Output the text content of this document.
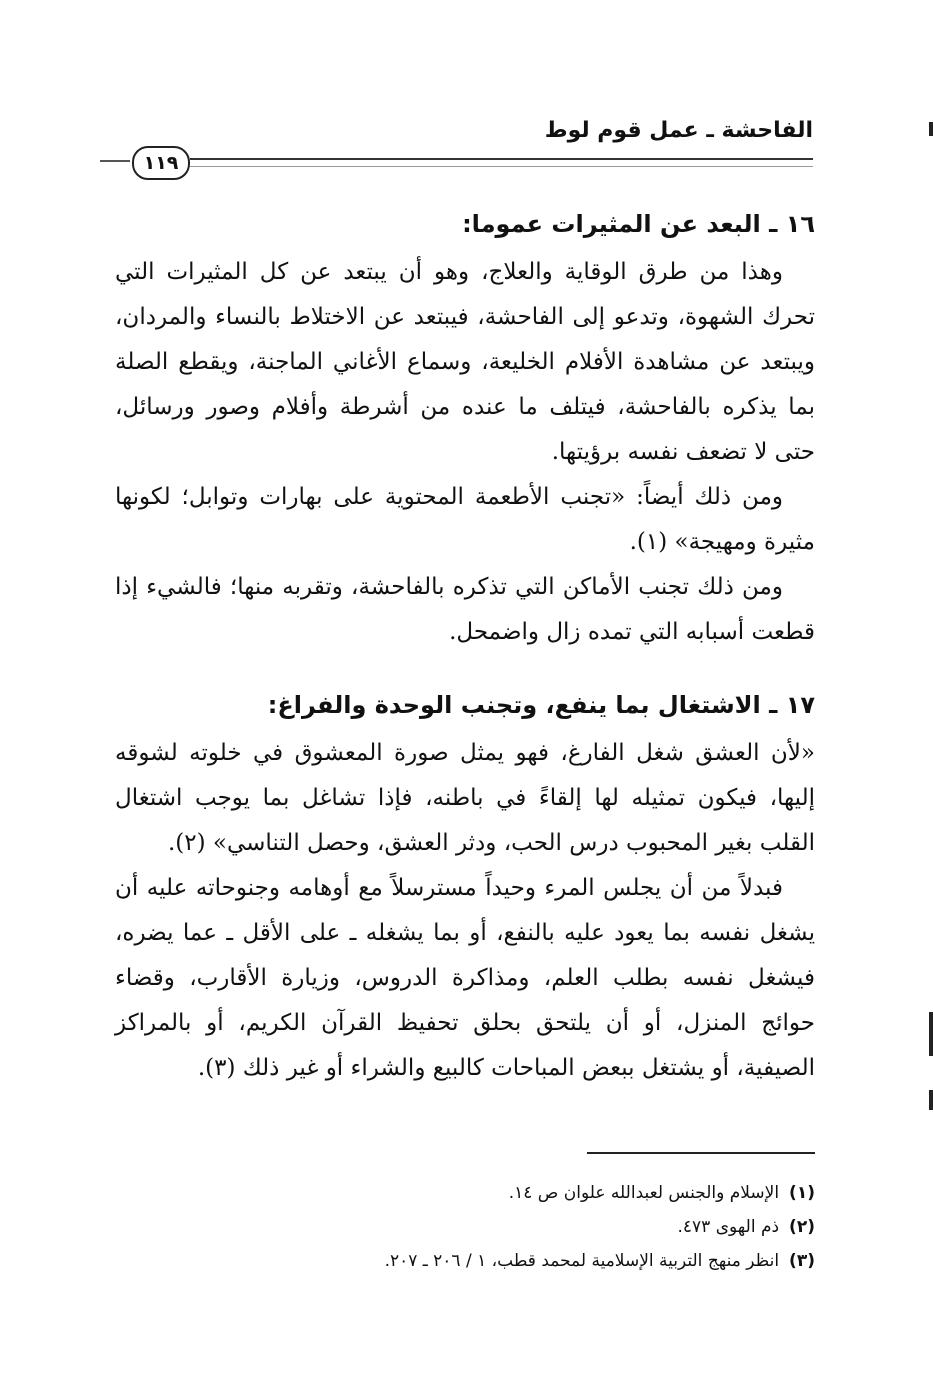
الفاحشة ـ عمل قوم لوط
١١٩
١٦ ـ البعد عن المثيرات عموما:

وهذا من طرق الوقاية والعلاج، وهو أن يبتعد عن كل المثيرات التي تحرك الشهوة، وتدعو إلى الفاحشة، فيبتعد عن الاختلاط بالنساء والمردان، ويبتعد عن مشاهدة الأفلام الخليعة، وسماع الأغاني الماجنة، ويقطع الصلة بما يذكره بالفاحشة، فيتلف ما عنده من أشرطة وأفلام وصور ورسائل، حتى لا تضعف نفسه برؤيتها.

ومن ذلك أيضاً: «تجنب الأطعمة المحتوية على بهارات وتوابل؛ لكونها مثيرة ومهيجة» (١).

ومن ذلك تجنب الأماكن التي تذكره بالفاحشة، وتقربه منها؛ فالشيء إذا قطعت أسبابه التي تمده زال واضمحل.

١٧ ـ الاشتغال بما ينفع، وتجنب الوحدة والفراغ:

«لأن العشق شغل الفارغ، فهو يمثل صورة المعشوق في خلوته لشوقه إليها، فيكون تمثيله لها إلقاءً في باطنه، فإذا تشاغل بما يوجب اشتغال القلب بغير المحبوب درس الحب، ودثر العشق، وحصل التناسي» (٢).

فبدلاً من أن يجلس المرء وحيداً مسترسلاً مع أوهامه وجنوحاته عليه أن يشغل نفسه بما يعود عليه بالنفع، أو بما يشغله ـ على الأقل ـ عما يضره، فيشغل نفسه بطلب العلم، ومذاكرة الدروس، وزيارة الأقارب، وقضاء حوائج المنزل، أو أن يلتحق بحلق تحفيظ القرآن الكريم، أو بالمراكز الصيفية، أو يشتغل ببعض المباحات كالبيع والشراء أو غير ذلك (٣).

(١)الإسلام والجنس لعبدالله علوان ص ١٤.

(٢)ذم الهوى ٤٧٣.

(٣)انظر منهج التربية الإسلامية لمحمد قطب، ١ / ٢٠٦ ـ ٢٠٧.
